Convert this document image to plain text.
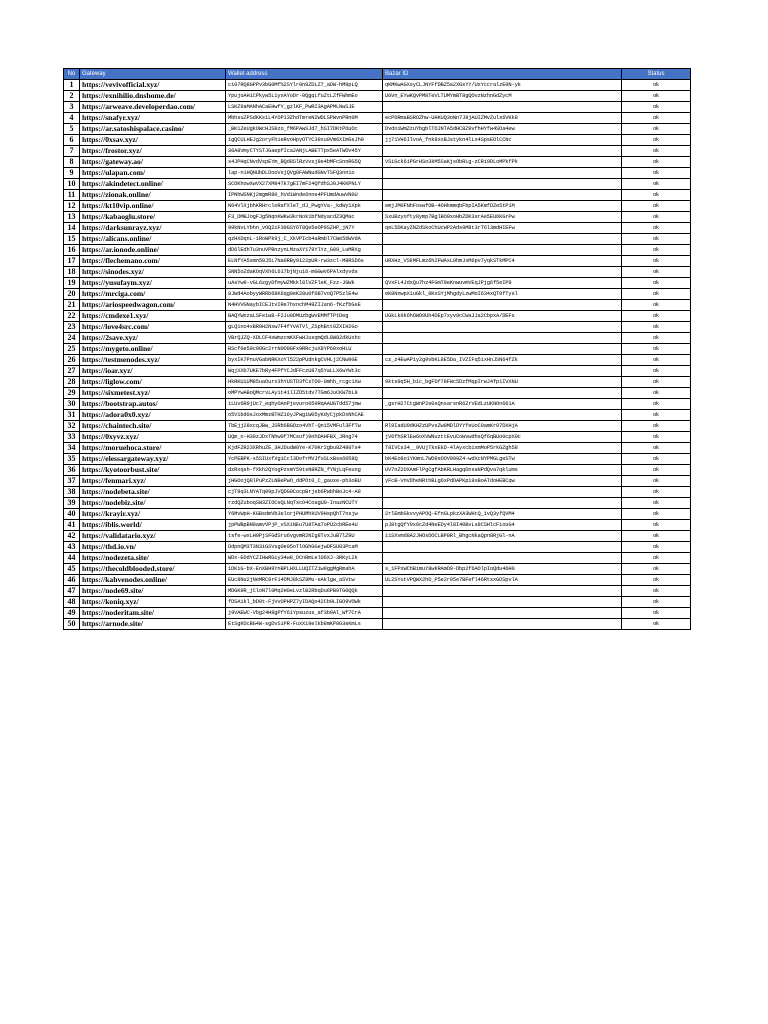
No	Gateway	Wallet address	Bazar ID	Status
1	https://vevivofficial.xyz/	ci07RQ8GPPv3bG0Mf%2SYlr0n8ZDLZ7_aDW-hM9pLQ	qKMKwAGXsyCLJNYFfDBZ5a2XGsYY/UxYccralzE0N-yk	ok
2	https://exnihilio.dnshome.de/	YpujoAHiCPkyw5L1yxAYoDr-0QgqLfuZtLZfFWhmEo	UGVn_EYwKQvPM8TeVLTUMYmBT8gQOvzNzhnGdZycM	ok
3	https://arweave.developerdao.com/	LSKZ9aMANhACaEHwfY_gzlKF_PwRI3AgAPMLNwSJE		ok
4	https://snafyr.xyz/	MbhsuZPSdKKs1L4YOP13ZhdTmreN2WDLSPWvnPRn0M	ecPORmaBSROZhw-UHKUQ3oNn7J9jAUIZMvZuls6VKk8	ok
5	https://ar.satoshispalace.casino/	_BK1ZeUgkOWcHJS8zo_fM6PAwSJd7_hSI7DKtPOuOc	DvdoiWmZzuYbgblTOJNTA5dHC8Z9vfhHYfw4SOa4ew	ok
6	https://0xsav.xyz/	1gQCULHEJg2oryFhieRvoHpyOTYC39xu0Vm6XImGsJh0	jj71VH6IlvoA_fnk8xxBJstykn4lLx4SpsEOlCCNc	ok
7	https://frostor.xyz/	36A8VmyCTYSTJGaepfIca2ANjLABETTpx5eATWOV45Y		ok
8	https://gateway.ao/	s4JPHqCNvdVspEYm_BQd8SlRzVvsj8e4bMFcSnnRG5Q	VSiGck6iPGrHSo3kM5SaKjsObRLg-zCRi9DLoMPkfPk	ok
9	https://ulapan.com/	lap-n1HQNUbDLDooVsjQVg0FAWNudGNvTSFQ3nn1o		ok
10	https://akindetect.online/	SCOKhowXwVX27XM84Tk7gEI7mF24QfdhSJ0J4KKPNLY		ok
11	https://zionak.online/	IPNhWSNKj2mgmR80_hVdiWnde6nne4PFUmdAuwVN0U		ok
12	https://kt10vip.online/	N64VlXjbhKRHrcloRafXleT_dJ_PwgYVa-_kdWy1Xpk	emjJM0FNhFoswfOB-4OHkmmqbFbpIA5KmfDZe5tP1M	ok
13	https://kabaoglu.store/	F3_DMBJogFJg5NqnKWKw3krNok1bfNdyacdZ3QMac	SxuBzyofty8ymp7BglBO0xoHbZDK3srAe5EU6KGrPw	ok
14	https://darksunrayz.xyz/	99kNvLYbhn_vOQ2iF39GSY6T8Qe5eOP9SZHP_jN7Y	qeL5DKayZNZdSkoChUcWP2Ads9M8t3rT6l3mdHIEFw	ok
15	https://alicans.online/	qzHXDqnL-1RoWPk9j_C_XkVPIcb4aRmbl7CWe56WVdA		ok
16	https://ar.ionode.online/	dD6lEdhTu3nuVPBnzynLMzaXY179YlYz_G09_LuMRXg		ok
17	https://flechemano.com/	ELNfYA5smn50J5L7Na0RBy9122pUR-rw3zcl-M8RSD6s	URXHz_VSkMFLmz6h2FWAxL9hmJxM6pv7yqkSTkMPC4	ok
18	https://sinodes.xyz/	SNN5oZdaKOqVXh6L617bjNju16-mGGwV6PAlxdyvds		ok
19	https://yusufaym.xyz/	uAsYw9-vGL6zgyDfmyWZMkkl8lVZFleK_Fzz-JGWk	QVxFL4JdxQu7hz4FGmT9eKnwuvmVEqJPjg6f5eIP8	ok
20	https://mrciga.com/	8JWd4AobyyWRRb68K6qg9eK28u0f0B7voQ7P5zlE4w	eK8NnwpXiuGkl_0KxSYjMhgdyLzwMoI634xQT0fTysl	ok
21	https://ariospeedwagon.com/	N4HVVGNaybICEJtvIRe7hxnchM49ZIJan6-fKzfbGsE		ok
22	https://cmdexe1.xyz/	BAQYWnzaLSFe1w8-F2Ju0DMUzbgWvEMMfTPtDeg	UGkLk9k6hOWO9Uh4DEp7xyv9cCWaJJa2CbpxA/DEFs	ok
23	https://love4src.com/	gLQ1no4xBR9H2Nxw7F4fYVATVl_ZSphBtt0ZXIH2Go		ok
24	https://2save.xyz/	VBrQJZQ-XDLCF4xWmzcmKXFwHJusqmQdL8W82dkUxhc		ok
25	https://mygeto.online/	BScf0e59c0OGc2rrN0O9GFx9RRcjuX8YP60xoHLU		ok
26	https://testmenodes.xyz/	byxIK7PnuVGabNRKXoYl522pPUdnkgCVHLj2CNw9GE	cz_z4EwAP1y2g9vbKL8E5Da_IVZIFq51xHnJSN64fZk	ok
27	https://ioar.xyz/	WqjXXb7UKE7bRy4FPfYCJdFFczU87q5YaLLX6wYWt3c		ok
28	https://liglow.com/	HkRKUiUM85uaOurx3hYUSTD3fCsTO0-0mhh_rcgc1Xw	9kts9q5H_b1c_bgFDf78FWc5DzfMqpIrwJ4fp1IVXNU	ok
29	https://sixmetest.xyz/	oMPYwABoQMcrvLAy1t41lIZD5tdv7TGm6JuCKW7bL8		ok
30	https://bootstrap.autos/	1LUv6R9jUc7_eqhyOAnPjevuro059RqAAUGTdd57jmw	_gsrH27CtgWnP2e0sQnsarsnR6ZrVEdLzUKNOn661A	ok
31	https://adora0x0.xyz/	o5V1bd0sJoxMmzBTHZ16yJPwgiW05yKdyCjpkDxNhCAE		ok
32	https://chaintech.site/	TbEjj28xcqJBw_JSRb6BGOzo4VhT-Qn15VMFul3FfTw	Rl9IadU9dKHZzUPvsZw0MDlDYYfeUoC0amKr07DXHjA	ok
33	https://0xyvz.xyz/	UQm_n-H39zJDxTNhw0f7MCsuf)0nhDAHFBX_JRng74	jV6fhSRlEw6oXVWNuzttEvuCoWvwdhsQf6qBUo0cpX0c	ok
34	https://moruehoca.store/	KjdFZR23XRhuZE_3HJDudW0Ye-K70Kr2gbu8Z480Ts4	T8IVCs34__9VUjTkxEkD-4lAyxcbixmMoP5rkGZgh58	ok
35	https://elessargateway.xyz/	YcPEBPK-s5SIUxfXgiCcl3DofrMVJfuSLxBss6058Q	bK4Eo8o1YKmnL7WO9sOOV999Z4-wdXcNYPMGLgeSTw	ok
36	https://kyotoorbust.site/	dzRxqsh-fXkh2QYogPzsmY59tsN8RZN_fYNjLqFeung	UV7nZ2OXAmFlPgCgfAbKRLHagqDnsaNPdQva7qklums	ok
37	https://fenmari.xyz/	jHGOojQ8lPuPzZLNBePwO_ddPOt0_C_gauxe-ph3oBU	yFcB-VnVDheNRthBLg6xPdOAPKpi9xBoATdoHEBCqw	ok
38	https://nodebeta.site/	cjT8q3LNYATq09pJVQDG0CocpBrjsb6PwbhBoJc4-A8		ok
39	https://nodebiz.site/	rzdQZuboqSW3ZIOCeQLNqTscO4CoagU0-InazNCUTY		ok
40	https://krayir.xyz/	Y6MvWpH-KGBsdmVb3elorjPHUMhkUV9HspQhT7nsjw	2rlEmbGkvvyAPOQ-EfnGLpkzXA3WHtQ_1vQ3yfQVM4	ok
41	https://iblis.world/	jpPWBpBN9amvVPjP_vSXiNEu7U8TAaToPU2cbREe4U	pJ8tgQfY9x6cZd4NeEDy4l8I40BvLs8CSHlcFiouG4	ok
42	https://validatario.xyz/	tsfe-wxLH9PjSFGdSru6vgvmR2NIg8TvxJuB7lZ9U	11SXvmd8A2JHOsDOCLBP8Rl_BhgcNkaQpn8RjGl-nA	ok
43	https://thd.io.vn/	DdpnQM3T3N3iGSVsg0e05oTlOGhGGejwDFSU03PcaM		ok
44	https://nodezeta.site/	WDx-EOdYCZIHwRGiy34w8_DCnRmLel06XJ-3RKyL2k		ok
45	https://thecoldblooded.store/	1DKiG-bX-EnXBH9YnBPLHXLLUQITZiw9ggMgRmahA	s_1FPxWChBimuY8wkRAmD9-Dbp2f6AOlpIoQdu46H0	ok
46	https://kahvenodes.online/	EUc8Nu2jNeMRC8rF14OMJ8kSZ9Mu-eAklgw_aSVtw	UL2SYutVPQWX2hD_P5e2r95e7BFefl46RtsxGDSpvlA	ok
47	https://node69.site/	MDGK9R_jCloN7l0Mq2H0eLvzlB2RbqDu6PB9TG0QQk		ok
48	https://koniq.xyz/	fDSA1kl_bD0t-FjVvOPHPZ7yIDAQo42Cb9LIGO9VOWk		ok
49	https://noderitam.site/	j9VAEWC-Vbg24H8gPfY6iYpsuzus_af3b9Al_Wf7CrA		ok
50	https://arnode.site/	EtSgKOcBG4W-sgDvSiPR-FuxXi9elkb8mKP0G3eKmLs		ok
